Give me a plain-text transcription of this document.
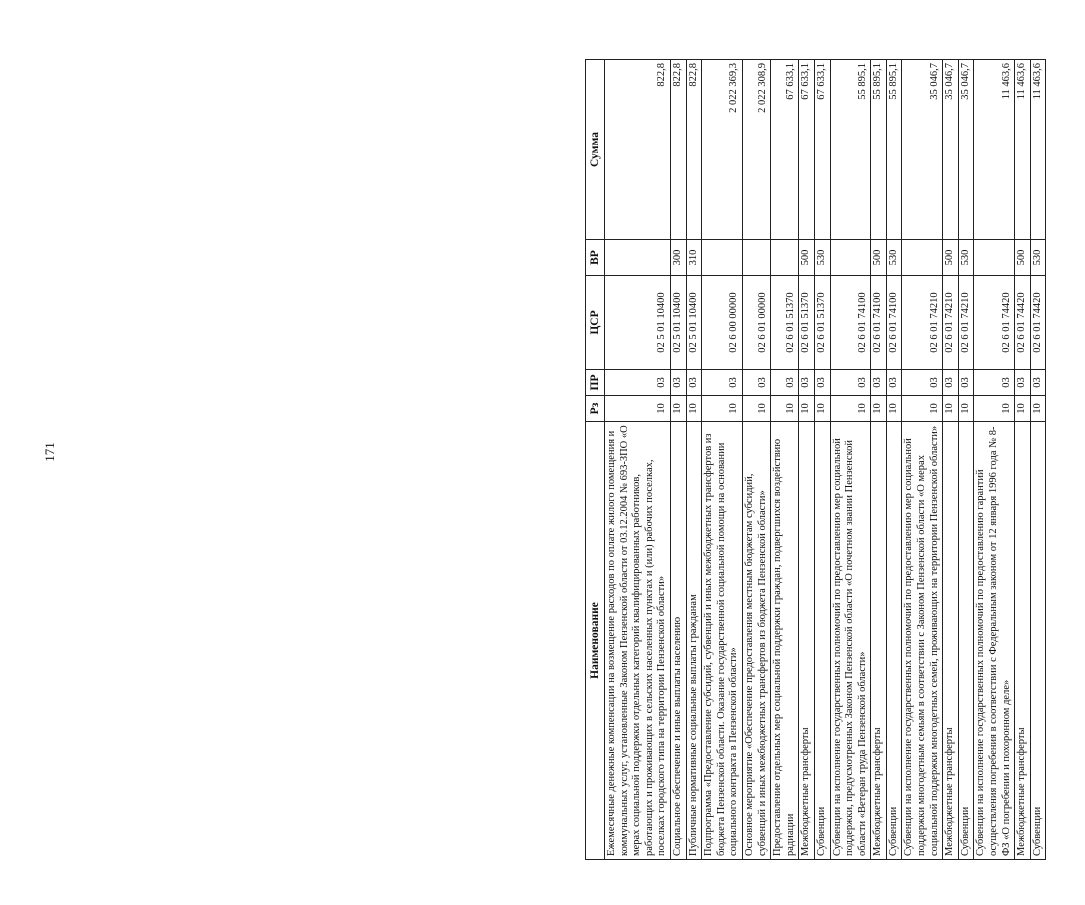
171
Наименование	Рз	ПР	ЦСР	ВР	Сумма
Ежемесячные денежные компенсации на возмещение расходов по оплате жилого помещения и коммунальных услуг, установленные Законом Пензенской области от 03.12.2004 № 693-ЗПО «О мерах социальной поддержки отдельных категорий квалифицированных работников, работающих и проживающих в сельских населенных пунктах и (или) рабочих поселках, поселках городского типа на территории Пензенской области»	10	03	02 5 01 10400		822,8
Социальное обеспечение и иные выплаты населению	10	03	02 5 01 10400	300	822,8
Публичные нормативные социальные выплаты гражданам	10	03	02 5 01 10400	310	822,8
Подпрограмма «Предоставление субсидий, субвенций и иных межбюджетных трансфертов из бюджета Пензенской области. Оказание государственной социальной помощи на основании социального контракта в Пензенской области»	10	03	02 6 00 00000		2 022 369,3
Основное мероприятие «Обеспечение предоставления местным бюджетам субсидий, субвенций и иных межбюджетных трансфертов из бюджета Пензенской области»	10	03	02 6 01 00000		2 022 308,9
Предоставление отдельных мер социальной поддержки граждан, подвергшихся воздействию радиации	10	03	02 6 01 51370		67 633,1
Межбюджетные трансферты	10	03	02 6 01 51370	500	67 633,1
Субвенции	10	03	02 6 01 51370	530	67 633,1
Субвенции на исполнение государственных полномочий по предоставлению мер социальной поддержки, предусмотренных Законом Пензенской области «О почетном звании Пензенской области «Ветеран труда Пензенской области»	10	03	02 6 01 74100		55 895,1
Межбюджетные трансферты	10	03	02 6 01 74100	500	55 895,1
Субвенции	10	03	02 6 01 74100	530	55 895,1
Субвенции на исполнение государственных полномочий по предоставлению мер социальной поддержки многодетным семьям в соответствии с Законом Пензенской области «О мерах социальной поддержки многодетных семей, проживающих на территории Пензенской области»	10	03	02 6 01 74210		35 046,7
Межбюджетные трансферты	10	03	02 6 01 74210	500	35 046,7
Субвенции	10	03	02 6 01 74210	530	35 046,7
Субвенции на исполнение государственных полномочий по предоставлению гарантий осуществления погребения в соответствии с Федеральным законом от 12 января 1996 года № 8-ФЗ «О погребении и похоронном деле»	10	03	02 6 01 74420		11 463,6
Межбюджетные трансферты	10	03	02 6 01 74420	500	11 463,6
Субвенции	10	03	02 6 01 74420	530	11 463,6
